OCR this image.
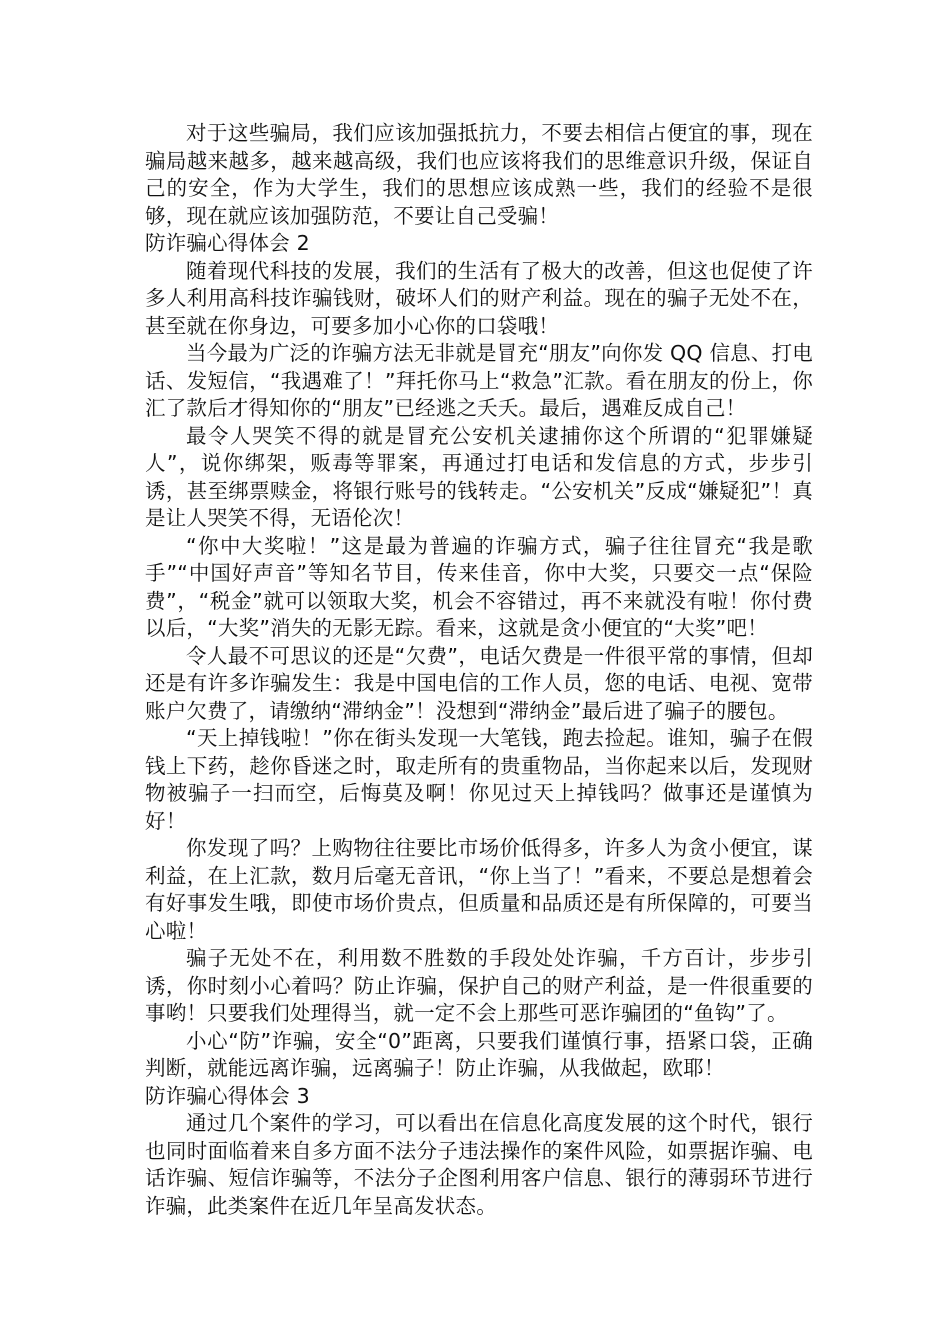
对于这些骗局，我们应该加强抵抗力，不要去相信占便宜的事，现在骗局越来越多，越来越高级，我们也应该将我们的思维意识升级，保证自己的安全，作为大学生，我们的思想应该成熟一些，我们的经验不是很够，现在就应该加强防范，不要让自己受骗！

防诈骗心得体会 2

随着现代科技的发展，我们的生活有了极大的改善，但这也促使了许多人利用高科技诈骗钱财，破坏人们的财产利益。现在的骗子无处不在，甚至就在你身边，可要多加小心你的口袋哦！

当今最为广泛的诈骗方法无非就是冒充“朋友”向你发 QQ 信息、打电话、发短信，“我遇难了！”拜托你马上“救急”汇款。看在朋友的份上，你汇了款后才得知你的“朋友”已经逃之夭夭。最后，遇难反成自己！

最令人哭笑不得的就是冒充公安机关逮捕你这个所谓的“犯罪嫌疑人”，说你绑架，贩毒等罪案，再通过打电话和发信息的方式，步步引诱，甚至绑票赎金，将银行账号的钱转走。“公安机关”反成“嫌疑犯”！真是让人哭笑不得，无语伦次！

“你中大奖啦！”这是最为普遍的诈骗方式，骗子往往冒充“我是歌手”“中国好声音”等知名节目，传来佳音，你中大奖，只要交一点“保险费”，“税金”就可以领取大奖，机会不容错过，再不来就没有啦！你付费以后，“大奖”消失的无影无踪。看来，这就是贪小便宜的“大奖”吧！

令人最不可思议的还是“欠费”，电话欠费是一件很平常的事情，但却还是有许多诈骗发生：我是中国电信的工作人员，您的电话、电视、宽带账户欠费了，请缴纳“滞纳金”！没想到“滞纳金”最后进了骗子的腰包。

“天上掉钱啦！”你在街头发现一大笔钱，跑去捡起。谁知，骗子在假钱上下药，趁你昏迷之时，取走所有的贵重物品，当你起来以后，发现财物被骗子一扫而空，后悔莫及啊！你见过天上掉钱吗？做事还是谨慎为好！

你发现了吗？上购物往往要比市场价低得多，许多人为贪小便宜，谋利益，在上汇款，数月后毫无音讯，“你上当了！”看来，不要总是想着会有好事发生哦，即使市场价贵点，但质量和品质还是有所保障的，可要当心啦！

骗子无处不在，利用数不胜数的手段处处诈骗，千方百计，步步引诱，你时刻小心着吗？防止诈骗，保护自己的财产利益，是一件很重要的事哟！只要我们处理得当，就一定不会上那些可恶诈骗团的“鱼钩”了。

小心“防”诈骗，安全“0”距离，只要我们谨慎行事，捂紧口袋，正确判断，就能远离诈骗，远离骗子！防止诈骗，从我做起，欧耶！

防诈骗心得体会 3

通过几个案件的学习，可以看出在信息化高度发展的这个时代，银行也同时面临着来自多方面不法分子违法操作的案件风险，如票据诈骗、电话诈骗、短信诈骗等，不法分子企图利用客户信息、银行的薄弱环节进行诈骗，此类案件在近几年呈高发状态。
